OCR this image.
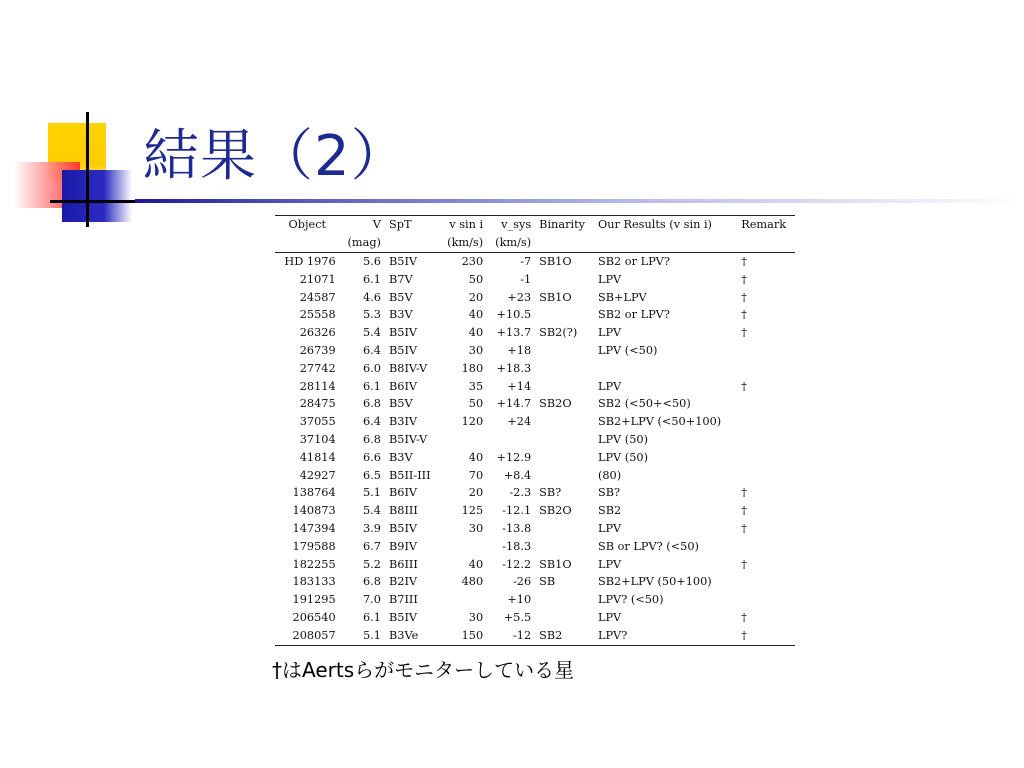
結果（2）
Object	V	SpT	v sin i	v_sys	Binarity	Our Results (v sin i)	Remark
	(mag)		(km/s)	(km/s)			
HD 1976	5.6	B5IV	230	-7	SB1O	SB2 or LPV?	†
21071	6.1	B7V	50	-1		LPV	†
24587	4.6	B5V	20	+23	SB1O	SB+LPV	†
25558	5.3	B3V	40	+10.5		SB2 or LPV?	†
26326	5.4	B5IV	40	+13.7	SB2(?)	LPV	†
26739	6.4	B5IV	30	+18		LPV (<50)	
27742	6.0	B8IV-V	180	+18.3			
28114	6.1	B6IV	35	+14		LPV	†
28475	6.8	B5V	50	+14.7	SB2O	SB2 (<50+<50)	
37055	6.4	B3IV	120	+24		SB2+LPV (<50+100)	
37104	6.8	B5IV-V				LPV (50)	
41814	6.6	B3V	40	+12.9		LPV (50)	
42927	6.5	B5II-III	70	+8.4		(80)	
138764	5.1	B6IV	20	-2.3	SB?	SB?	†
140873	5.4	B8III	125	-12.1	SB2O	SB2	†
147394	3.9	B5IV	30	-13.8		LPV	†
179588	6.7	B9IV		-18.3		SB or LPV? (<50)	
182255	5.2	B6III	40	-12.2	SB1O	LPV	†
183133	6.8	B2IV	480	-26	SB	SB2+LPV (50+100)	
191295	7.0	B7III		+10		LPV? (<50)	
206540	6.1	B5IV	30	+5.5		LPV	†
208057	5.1	B3Ve	150	-12	SB2	LPV?	†

†はAertsらがモニターしている星
